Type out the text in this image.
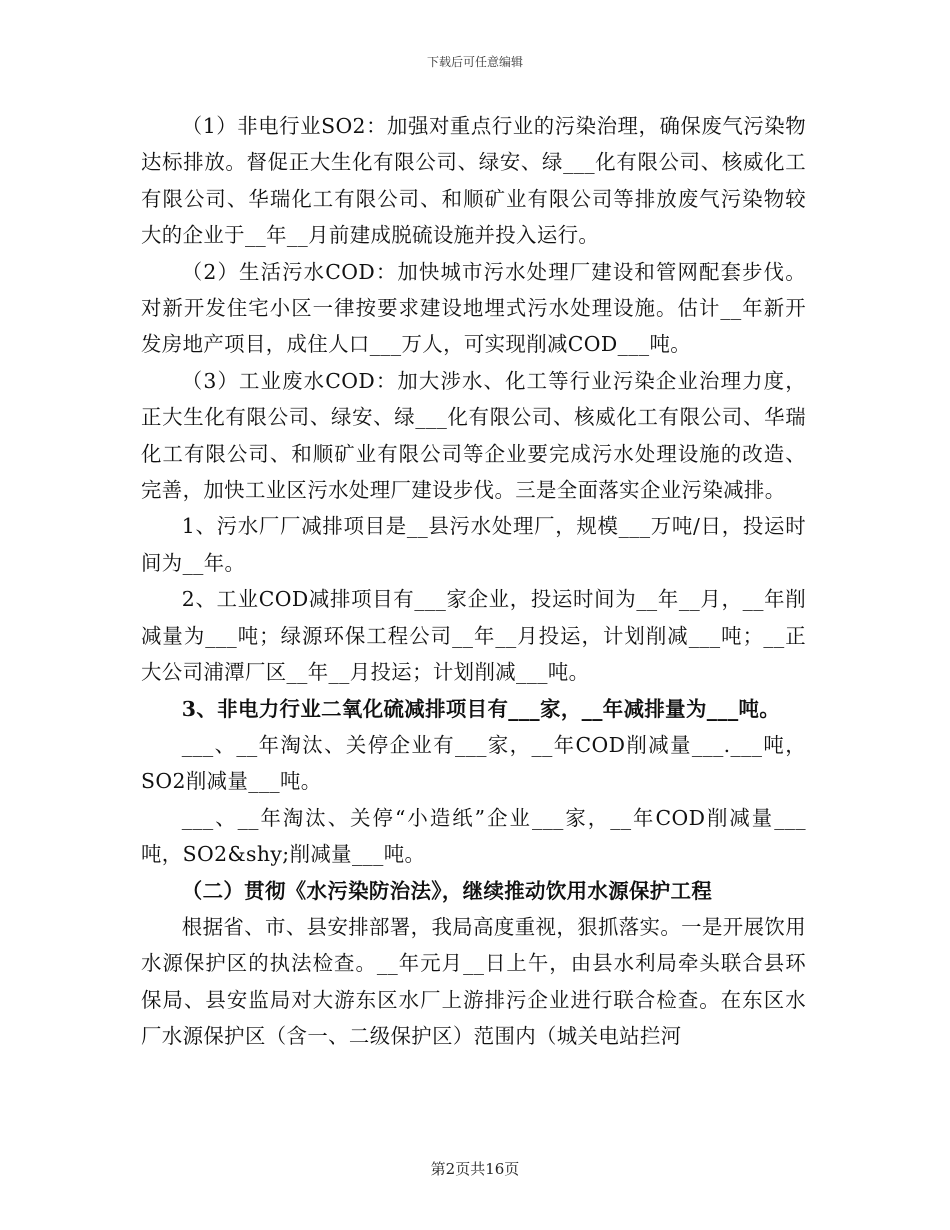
下载后可任意编辑

（1）非电行业SO2：加强对重点行业的污染治理，确保废气污染物达标排放。督促正大生化有限公司、绿安、绿___化有限公司、核威化工有限公司、华瑞化工有限公司、和顺矿业有限公司等排放废气污染物较大的企业于__年__月前建成脱硫设施并投入运行。

（2）生活污水COD：加快城市污水处理厂建设和管网配套步伐。对新开发住宅小区一律按要求建设地埋式污水处理设施。估计__年新开发房地产项目，成住人口___万人，可实现削减COD___吨。

（3）工业废水COD：加大涉水、化工等行业污染企业治理力度，正大生化有限公司、绿安、绿___化有限公司、核威化工有限公司、华瑞化工有限公司、和顺矿业有限公司等企业要完成污水处理设施的改造、完善，加快工业区污水处理厂建设步伐。三是全面落实企业污染减排。

1、污水厂厂减排项目是__县污水处理厂，规模___万吨/日，投运时间为__年。

2、工业COD减排项目有___家企业，投运时间为__年__月，__年削减量为___吨；绿源环保工程公司__年__月投运，计划削减___吨；__正大公司浦潭厂区__年__月投运；计划削减___吨。

3、非电力行业二氧化硫减排项目有___家，__年减排量为___吨。

___、__年淘汰、关停企业有___家，__年COD削减量___.___吨，SO2削减量___吨。

___、__年淘汰、关停“小造纸”企业___家，__年COD削减量___吨，SO2&shy;削减量___吨。

（二）贯彻《水污染防治法》，继续推动饮用水源保护工程

根据省、市、县安排部署，我局高度重视，狠抓落实。一是开展饮用水源保护区的执法检查。__年元月__日上午，由县水利局牵头联合县环保局、县安监局对大游东区水厂上游排污企业进行联合检查。在东区水厂水源保护区（含一、二级保护区）范围内（城关电站拦河

第2页共16页
